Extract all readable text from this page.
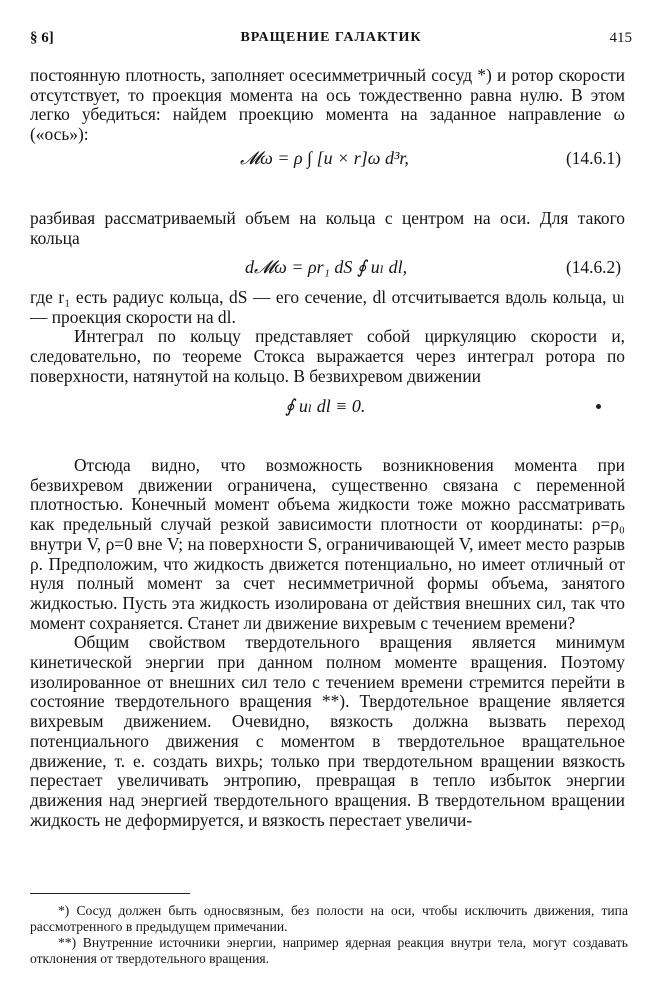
§ 6]	ВРАЩЕНИЕ ГАЛАКТИК	415

постоянную плотность, заполняет осесимметричный сосуд *) и ротор скорости отсутствует, то проекция момента на ось тождественно равна нулю. В этом легко убедиться: найдем проекцию момента на заданное направление ω («ось»):

𝓜ω = ρ ∫ [u × r]ω d³r,	(14.6.1)

разбивая рассматриваемый объем на кольца с центром на оси. Для такого кольца

d𝓜ω = ρr₁ dS ∮ uₗ dl,	(14.6.2)

где r₁ есть радиус кольца, dS — его сечение, dl отсчитывается вдоль кольца, uₗ— проекция скорости на dl.

Интеграл по кольцу представляет собой циркуляцию скорости и, следовательно, по теореме Стокса выражается через интеграл ротора по поверхности, натянутой на кольцо. В безвихревом движении

∮ uₗ dl ≡ 0.

Отсюда видно, что возможность возникновения момента при безвихревом движении ограничена, существенно связана с переменной плотностью. Конечный момент объема жидкости тоже можно рассматривать как предельный случай резкой зависимости плотности от координаты: ρ=ρ₀ внутри V, ρ=0 вне V; на поверхности S, ограничивающей V, имеет место разрыв ρ. Предположим, что жидкость движется потенциально, но имеет отличный от нуля полный момент за счет несимметричной формы объема, занятого жидкостью. Пусть эта жидкость изолирована от действия внешних сил, так что момент сохраняется. Станет ли движение вихревым с течением времени?

Общим свойством твердотельного вращения является минимум кинетической энергии при данном полном моменте вращения. Поэтому изолированное от внешних сил тело с течением времени стремится перейти в состояние твердотельного вращения **). Твердотельное вращение является вихревым движением. Очевидно, вязкость должна вызвать переход потенциального движения с моментом в твердотельное вращательное движение, т. е. создать вихрь; только при твердотельном вращении вязкость перестает увеличивать энтропию, превращая в тепло избыток энергии движения над энергией твердотельного вращения. В твердотельном вращении жидкость не деформируется, и вязкость перестает увеличи-

*) Сосуд должен быть односвязным, без полости на оси, чтобы исключить движения, типа рассмотренного в предыдущем примечании.

**) Внутренние источники энергии, например ядерная реакция внутри тела, могут создавать отклонения от твердотельного вращения.
